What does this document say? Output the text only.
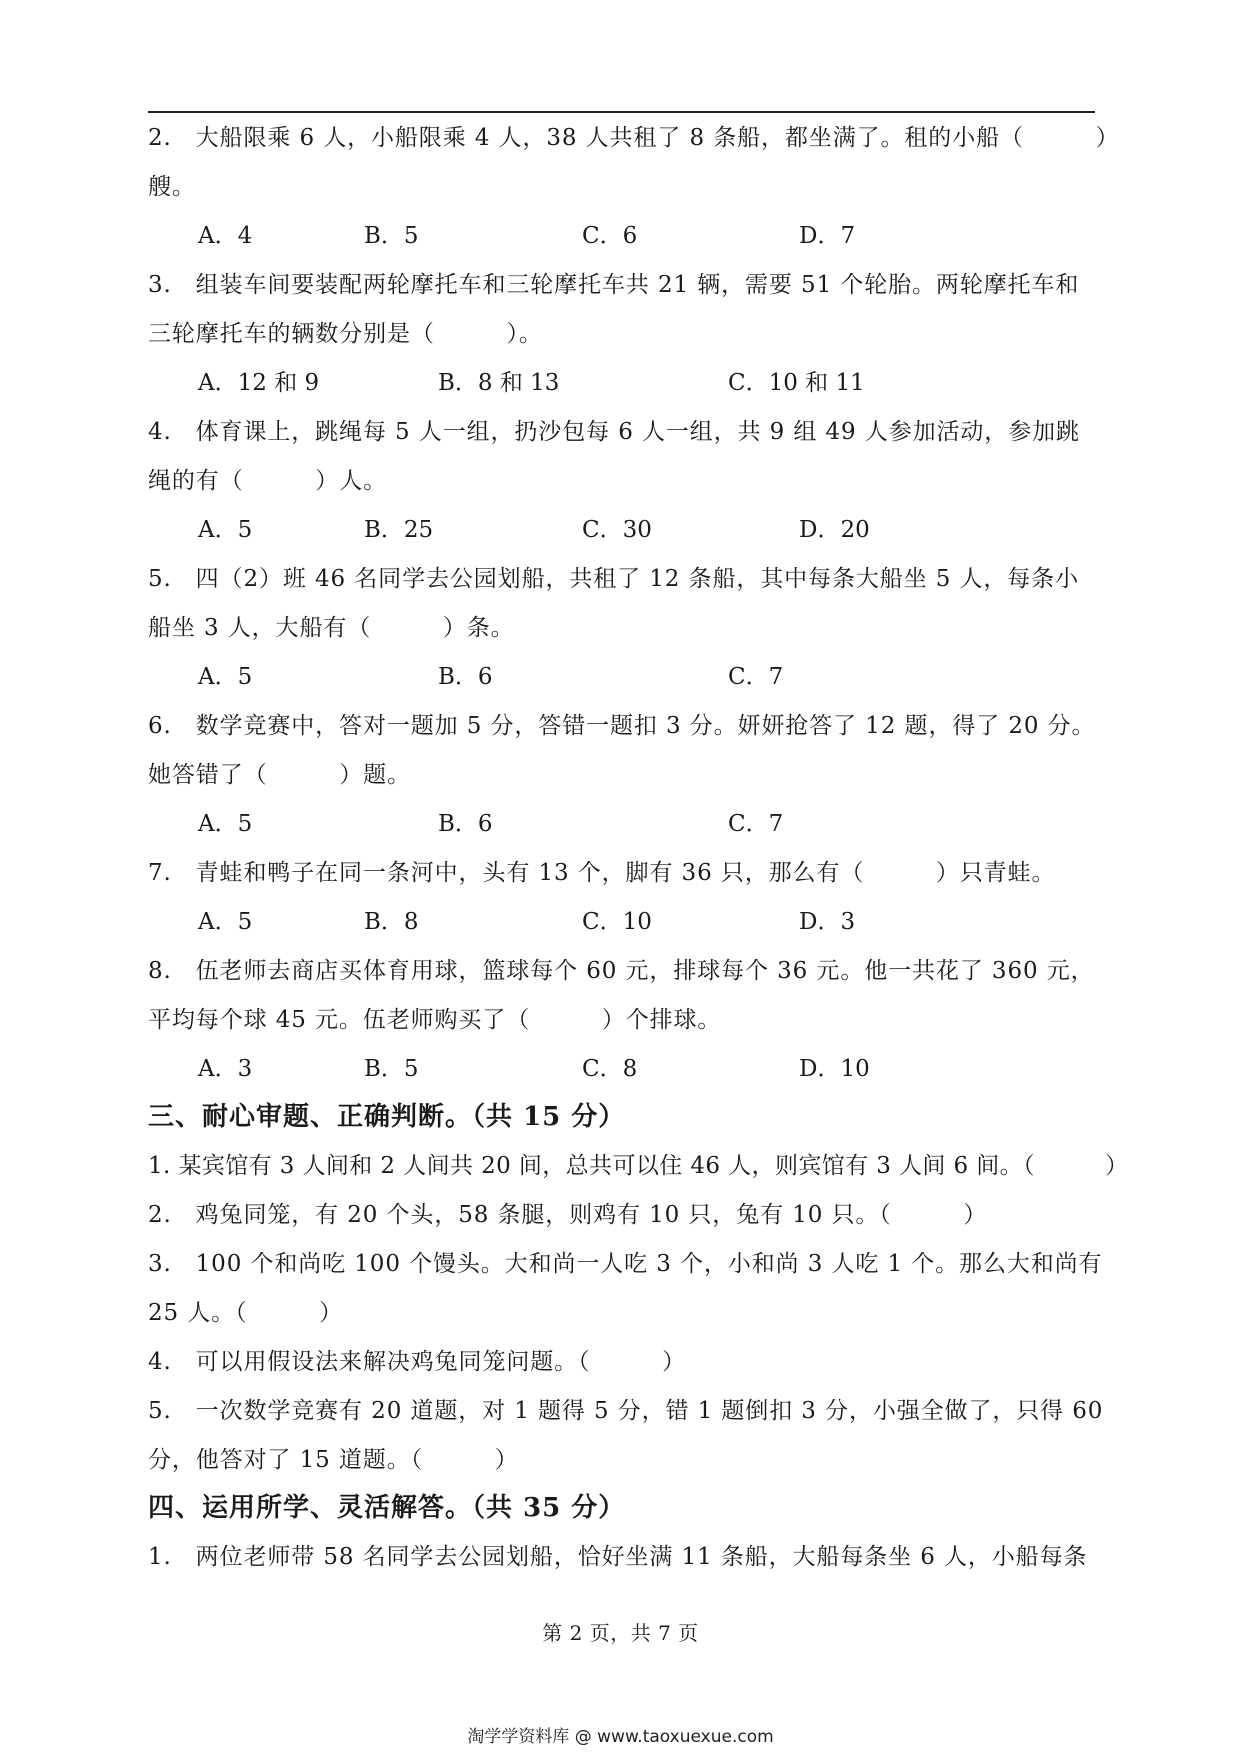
2.　大船限乘 6 人，小船限乘 4 人，38 人共租了 8 条船，都坐满了。租的小船（　　　）
艘。

A．4

	B．5

	C．6

	D．7

3.　组装车间要装配两轮摩托车和三轮摩托车共 21 辆，需要 51 个轮胎。两轮摩托车和
三轮摩托车的辆数分别是（　　　）。

A．12 和 9

	B．8 和 13

	C．10 和 11

4.　体育课上，跳绳每 5 人一组，扔沙包每 6 人一组，共 9 组 49 人参加活动，参加跳
绳的有（　　　）人。

A．5

	B．25

	C．30

	D．20

5.　四（2）班 46 名同学去公园划船，共租了 12 条船，其中每条大船坐 5 人，每条小
船坐 3 人，大船有（　　　）条。

A．5

	B．6

	C．7

6.　数学竞赛中，答对一题加 5 分，答错一题扣 3 分。妍妍抢答了 12 题，得了 20 分。
她答错了（　　　）题。

A．5

	B．6

	C．7

7.　青蛙和鸭子在同一条河中，头有 13 个，脚有 36 只，那么有（　　　）只青蛙。

A．5

	B．8

	C．10

	D．3

8.　伍老师去商店买体育用球，篮球每个 60 元，排球每个 36 元。他一共花了 360 元，
平均每个球 45 元。伍老师购买了（　　　）个排球。

A．3

	B．5

	C．8

	D．10

三、耐心审题、正确判断。（共 15 分）
1. 某宾馆有 3 人间和 2 人间共 20 间，总共可以住 46 人，则宾馆有 3 人间 6 间。（　　　）
2.　鸡兔同笼，有 20 个头，58 条腿，则鸡有 10 只，兔有 10 只。（　　　）
3.　100 个和尚吃 100 个馒头。大和尚一人吃 3 个，小和尚 3 人吃 1 个。那么大和尚有
25 人。（　　　）
4.　可以用假设法来解决鸡兔同笼问题。（　　　）
5.　一次数学竞赛有 20 道题，对 1 题得 5 分，错 1 题倒扣 3 分，小强全做了，只得 60
分，他答对了 15 道题。（　　　）
四、运用所学、灵活解答。（共 35 分）
1.　两位老师带 58 名同学去公园划船，恰好坐满 11 条船，大船每条坐 6 人，小船每条
第 2 页，共 7 页
淘学学资料库 @ www.taoxuexue.com
